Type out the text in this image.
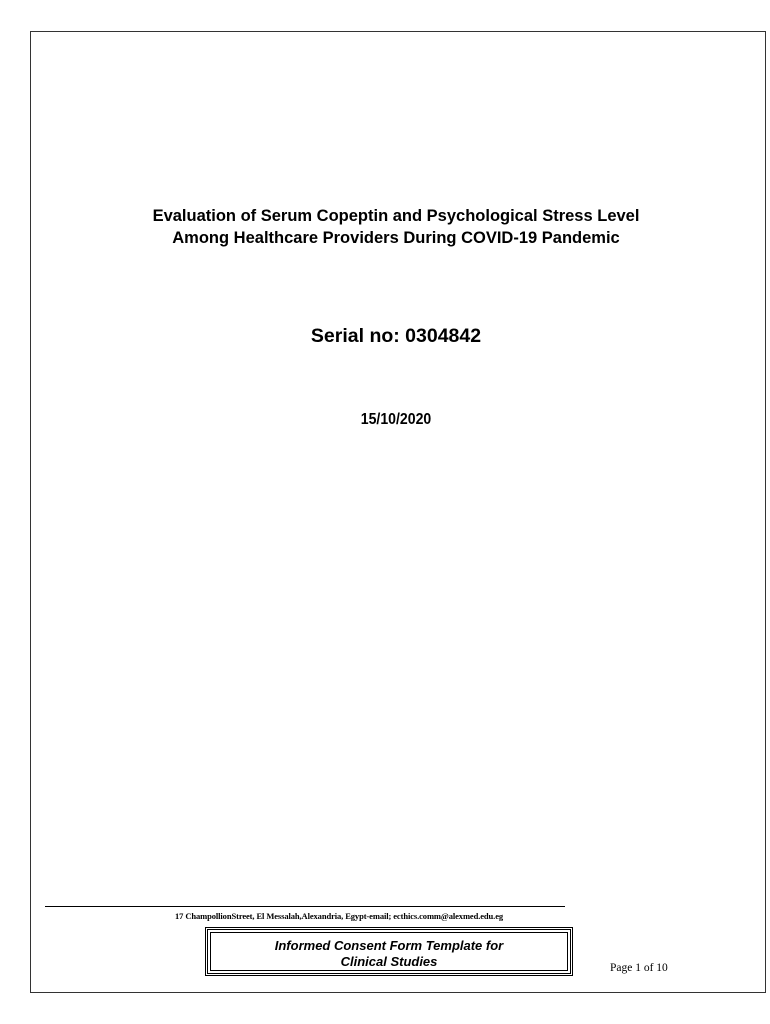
Evaluation of Serum Copeptin and Psychological Stress Level
Among Healthcare Providers During COVID-19 Pandemic
Serial no: 0304842
15/10/2020
17 ChampollionStreet, El Messalah,Alexandria, Egypt-email; ecthics.comm@alexmed.edu.eg
Informed Consent Form Template for
Clinical Studies	Page 1 of 10
